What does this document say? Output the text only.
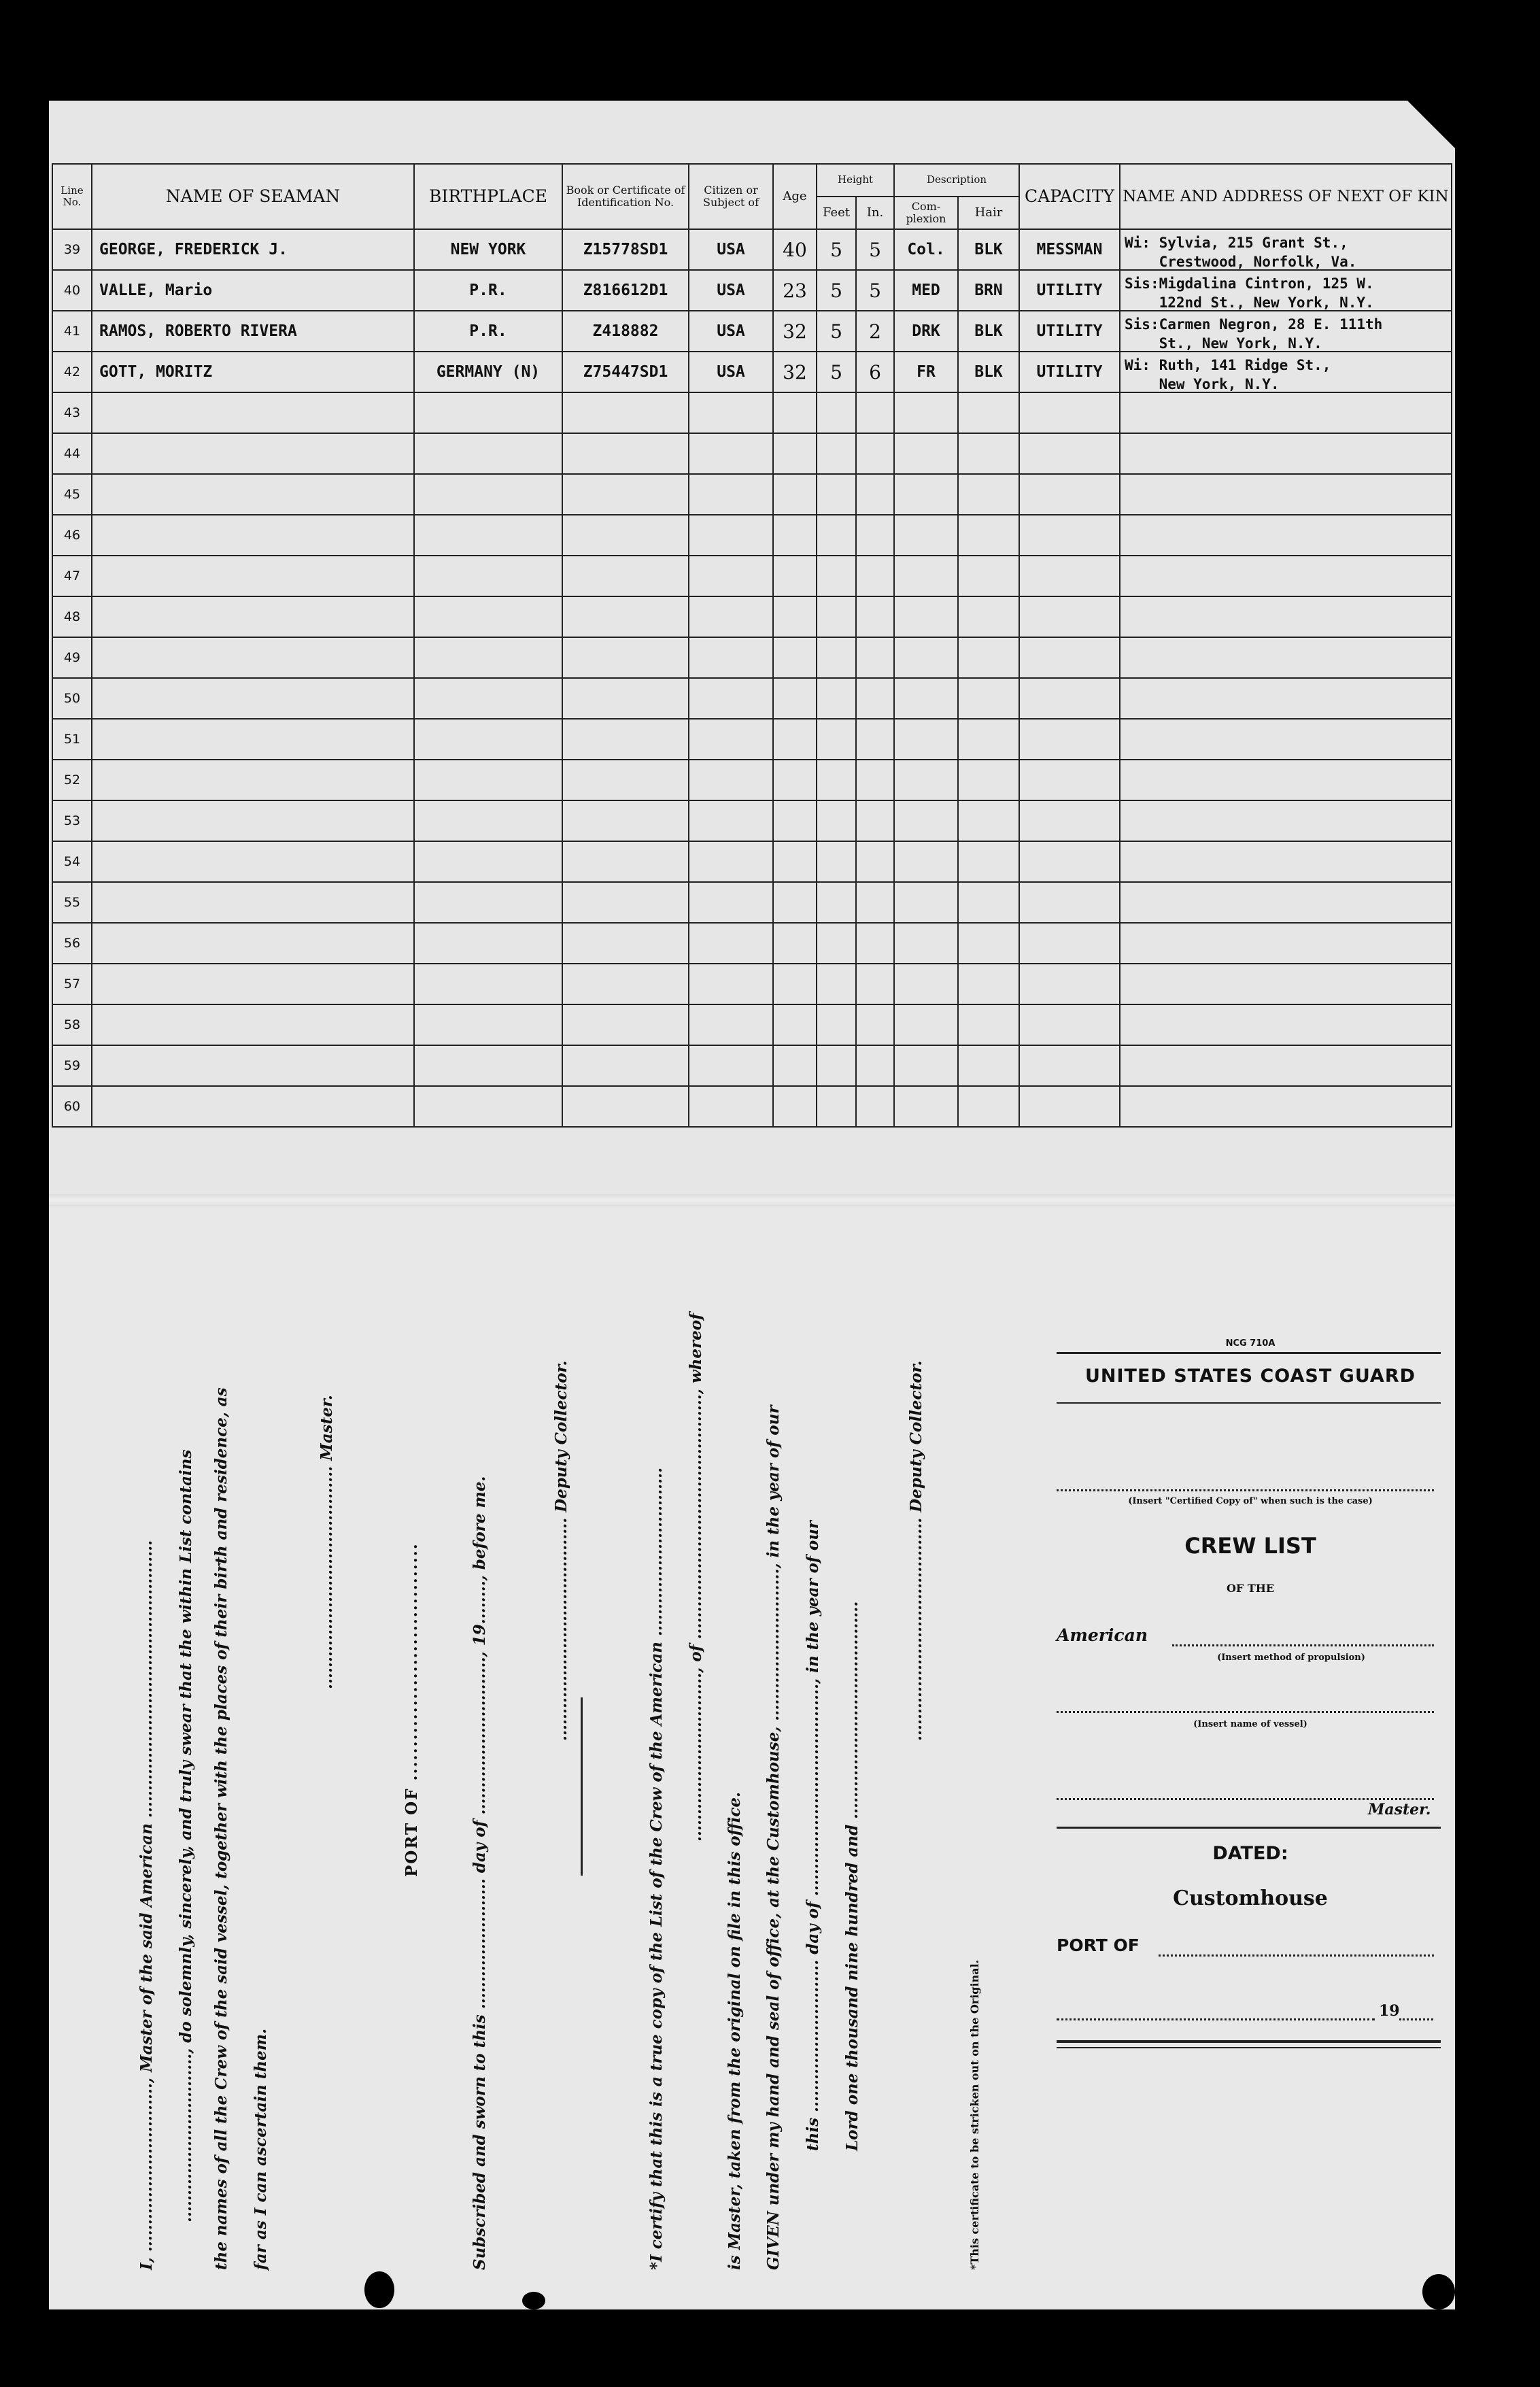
Line No.	NAME OF SEAMAN	BIRTHPLACE	Book or Certificate of Identification No.	Citizen or Subject of	Age	Height		Description		CAPACITY	NAME AND ADDRESS OF NEXT OF KIN
						Feet	In.	Com- plexion	Hair		
39	GEORGE, FREDERICK J.	NEW YORK	Z15778SD1	USA	40	5	5	Col.	BLK	MESSMAN	Wi: Sylvia, 215 Grant St.,
Crestwood, Norfolk, Va.

40	VALLE, Mario	P.R.	Z816612D1	USA	23	5	5	MED	BRN	UTILITY	Sis:Migdalina Cintron, 125 W.
122nd St., New York, N.Y.

41	RAMOS, ROBERTO RIVERA	P.R.	Z418882	USA	32	5	2	DRK	BLK	UTILITY	Sis:Carmen Negron, 28 E. 111th
St., New York, N.Y.

42	GOTT, MORITZ	GERMANY (N)	Z75447SD1	USA	32	5	6	FR	BLK	UTILITY	Wi: Ruth, 141 Ridge St.,
New York, N.Y.

43											
44											
45											
46											
47											
48											
49											
50											
51											
52											
53											
54											
55											
56											
57											
58											
59											
60											
I, ..............................., Master of the said American ................................................... ..............................., do solemnly, sincerely, and truly swear that the within List contains the names of all the Crew of the said vessel, together with the places of their birth and residence, as far as I can ascertain them.
......................................... Master.
PORT OF ...................................	Subscribed and sworn to this ........................ day of ............................., 19........, before me.	......................................... Deputy Collector.	*I certify that this is a true copy of the List of the Crew of the American ............................... ..............................., of ............................................., whereof
is Master, taken from the original on file in this office. GIVEN under my hand and seal of office, at the Customhouse, ............................, in the year of our this ............................ day of ......................................., in the year of our Lord one thousand nine hundred and ........................................
......................................... Deputy Collector.
*This certificate to be stricken out on the Original.
NCG 710A
UNITED STATES COAST GUARD
(Insert "Certified Copy of" when such is the case)
CREW LIST
OF THE
American
(Insert method of propulsion)
(Insert name of vessel)
Master.
DATED:
Customhouse
PORT OF
19
